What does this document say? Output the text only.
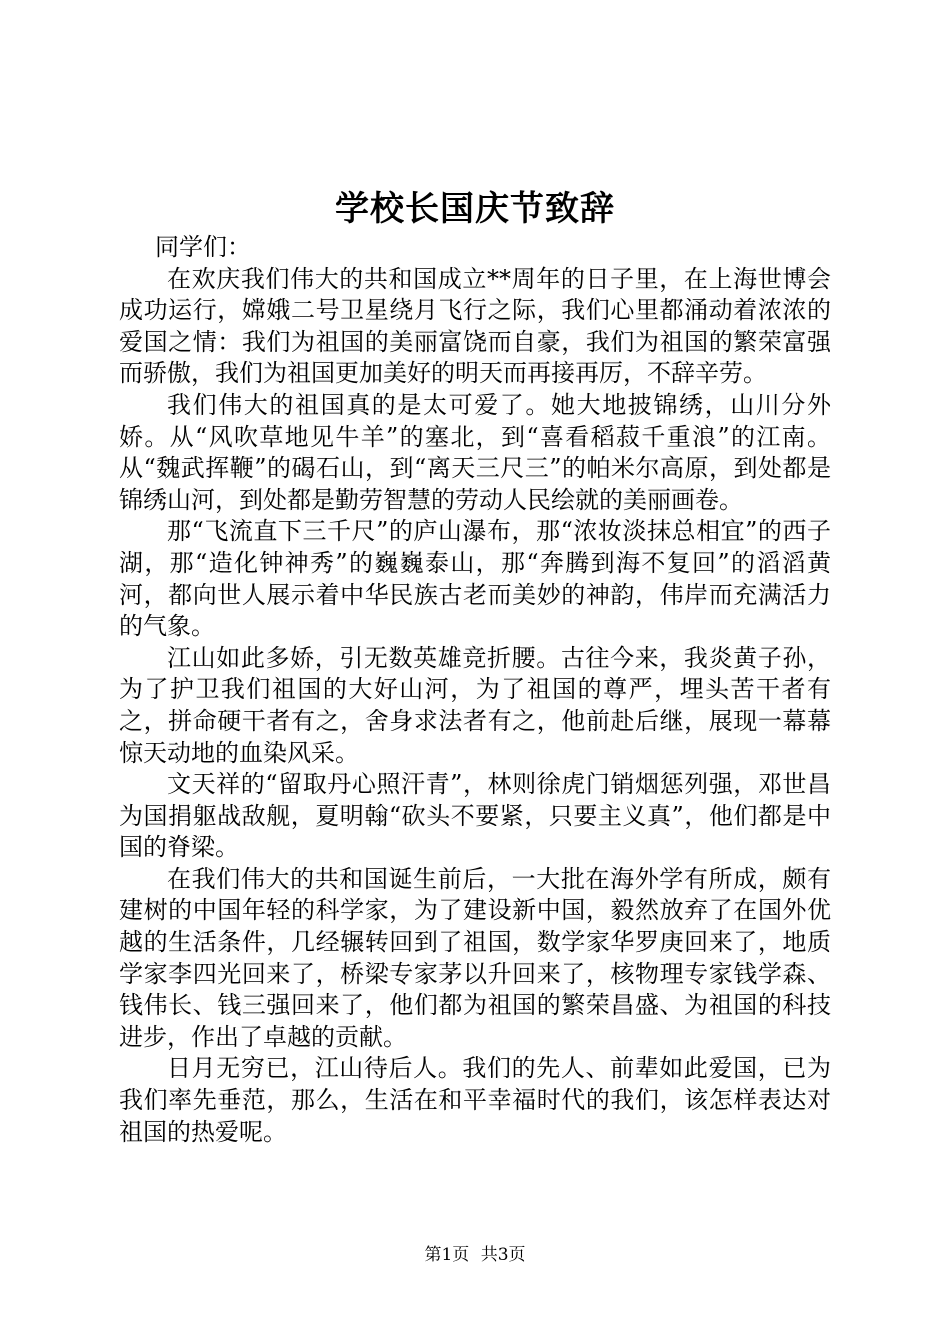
学校长国庆节致辞

同学们：

在欢庆我们伟大的共和国成立**周年的日子里，在上海世博会成功运行，嫦娥二号卫星绕月飞行之际，我们心里都涌动着浓浓的爱国之情：我们为祖国的美丽富饶而自豪，我们为祖国的繁荣富强而骄傲，我们为祖国更加美好的明天而再接再厉，不辞辛劳。

我们伟大的祖国真的是太可爱了。她大地披锦绣，山川分外娇。从“风吹草地见牛羊”的塞北，到“喜看稻菽千重浪”的江南。从“魏武挥鞭”的碣石山，到“离天三尺三”的帕米尔高原，到处都是锦绣山河，到处都是勤劳智慧的劳动人民绘就的美丽画卷。

那“飞流直下三千尺”的庐山瀑布，那“浓妆淡抹总相宜”的西子湖，那“造化钟神秀”的巍巍泰山，那“奔腾到海不复回”的滔滔黄河，都向世人展示着中华民族古老而美妙的神韵，伟岸而充满活力的气象。

江山如此多娇，引无数英雄竞折腰。古往今来，我炎黄子孙，为了护卫我们祖国的大好山河，为了祖国的尊严，埋头苦干者有之，拼命硬干者有之，舍身求法者有之，他前赴后继，展现一幕幕惊天动地的血染风采。

文天祥的“留取丹心照汗青”，林则徐虎门销烟惩列强，邓世昌为国捐躯战敌舰，夏明翰“砍头不要紧，只要主义真”，他们都是中国的脊梁。

在我们伟大的共和国诞生前后，一大批在海外学有所成，颇有建树的中国年轻的科学家，为了建设新中国，毅然放弃了在国外优越的生活条件，几经辗转回到了祖国，数学家华罗庚回来了，地质学家李四光回来了，桥梁专家茅以升回来了，核物理专家钱学森、钱伟长、钱三强回来了，他们都为祖国的繁荣昌盛、为祖国的科技进步，作出了卓越的贡献。

日月无穷已，江山待后人。我们的先人、前辈如此爱国，已为我们率先垂范，那么，生活在和平幸福时代的我们，该怎样表达对祖国的热爱呢。

第1页 共3页
